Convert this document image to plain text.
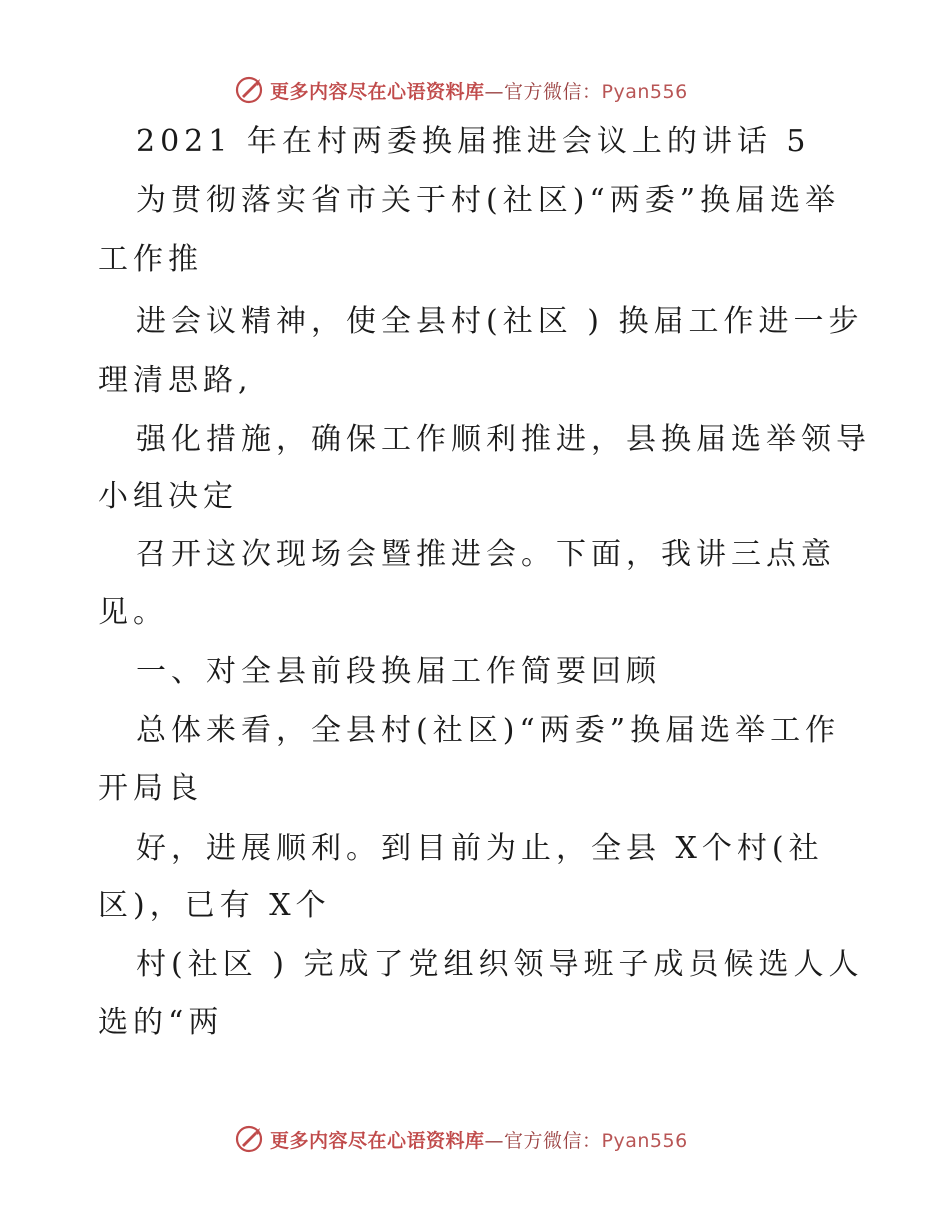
更多内容尽在心语资料库—官方微信：Pyan556
2021 年在村两委换届推进会议上的讲话 5
为贯彻落实省市关于村(社区)“两委”换届选举
工作推
进会议精神，使全县村(社区 ) 换届工作进一步
理清思路,
强化措施，确保工作顺利推进，县换届选举领导
小组决定
召开这次现场会暨推进会。下面，我讲三点意
见。
一、对全县前段换届工作简要回顾
总体来看，全县村(社区)“两委”换届选举工作
开局良
好，进展顺利。到目前为止，全县 X个村(社
区)，已有 X个
村(社区 ) 完成了党组织领导班子成员候选人人
选的“两
更多内容尽在心语资料库—官方微信：Pyan556
